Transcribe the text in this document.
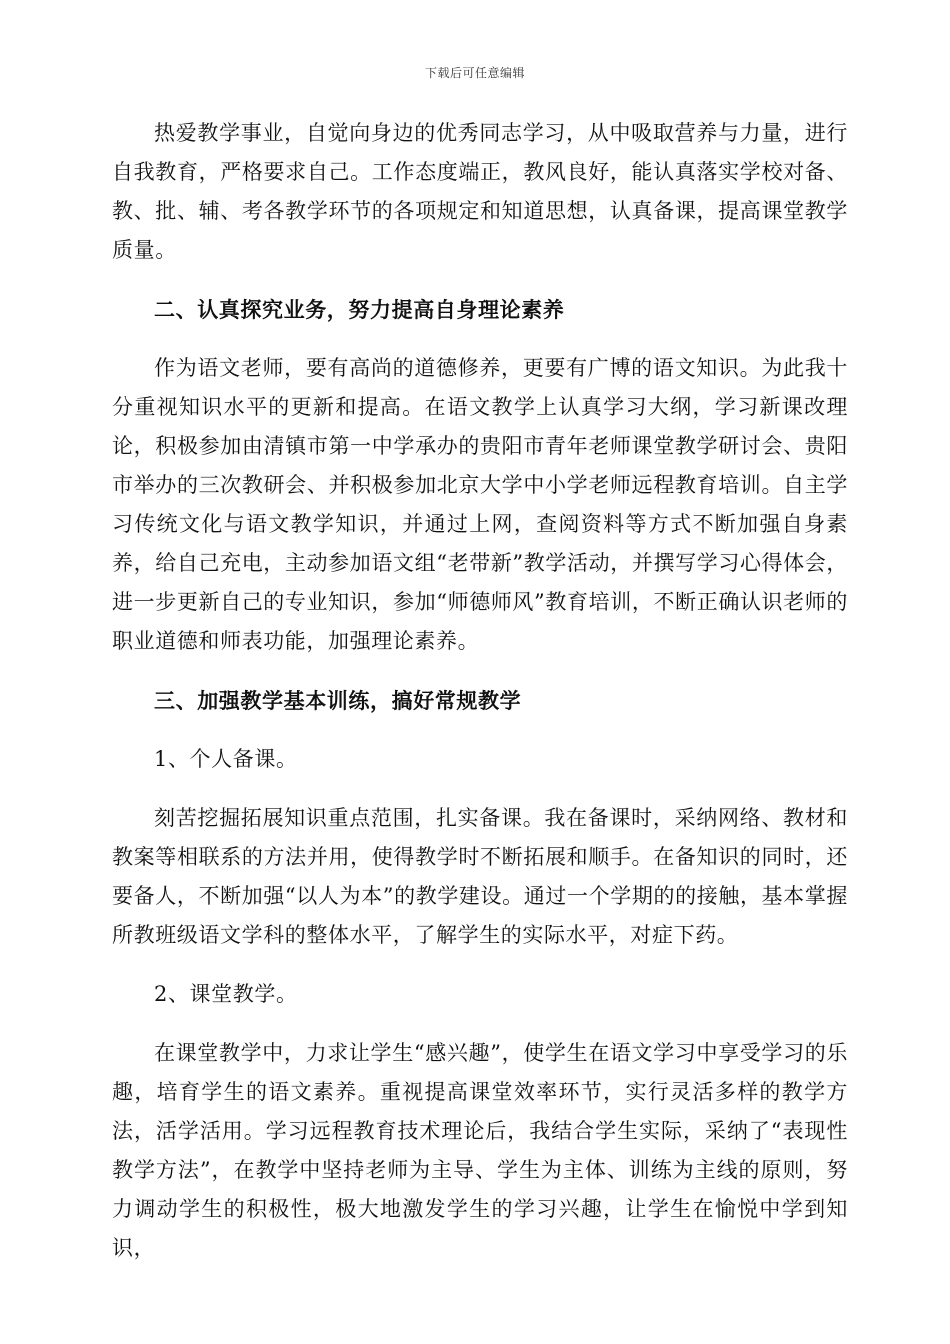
下载后可任意编辑

热爱教学事业，自觉向身边的优秀同志学习，从中吸取营养与力量，进行自我教育，严格要求自己。工作态度端正，教风良好，能认真落实学校对备、教、批、辅、考各教学环节的各项规定和知道思想，认真备课，提高课堂教学质量。

二、认真探究业务，努力提高自身理论素养

作为语文老师，要有高尚的道德修养，更要有广博的语文知识。为此我十分重视知识水平的更新和提高。在语文教学上认真学习大纲，学习新课改理论，积极参加由清镇市第一中学承办的贵阳市青年老师课堂教学研讨会、贵阳市举办的三次教研会、并积极参加北京大学中小学老师远程教育培训。自主学习传统文化与语文教学知识，并通过上网，查阅资料等方式不断加强自身素养，给自己充电，主动参加语文组“老带新”教学活动，并撰写学习心得体会，进一步更新自己的专业知识，参加“师德师风”教育培训，不断正确认识老师的职业道德和师表功能，加强理论素养。

三、加强教学基本训练，搞好常规教学

1、个人备课。

刻苦挖掘拓展知识重点范围，扎实备课。我在备课时，采纳网络、教材和教案等相联系的方法并用，使得教学时不断拓展和顺手。在备知识的同时，还要备人，不断加强“以人为本”的教学建设。通过一个学期的的接触，基本掌握所教班级语文学科的整体水平，了解学生的实际水平，对症下药。

2、课堂教学。

在课堂教学中，力求让学生“感兴趣”，使学生在语文学习中享受学习的乐趣，培育学生的语文素养。重视提高课堂效率环节，实行灵活多样的教学方法，活学活用。学习远程教育技术理论后，我结合学生实际，采纳了“表现性教学方法”，在教学中坚持老师为主导、学生为主体、训练为主线的原则，努力调动学生的积极性，极大地激发学生的学习兴趣，让学生在愉悦中学到知识，
